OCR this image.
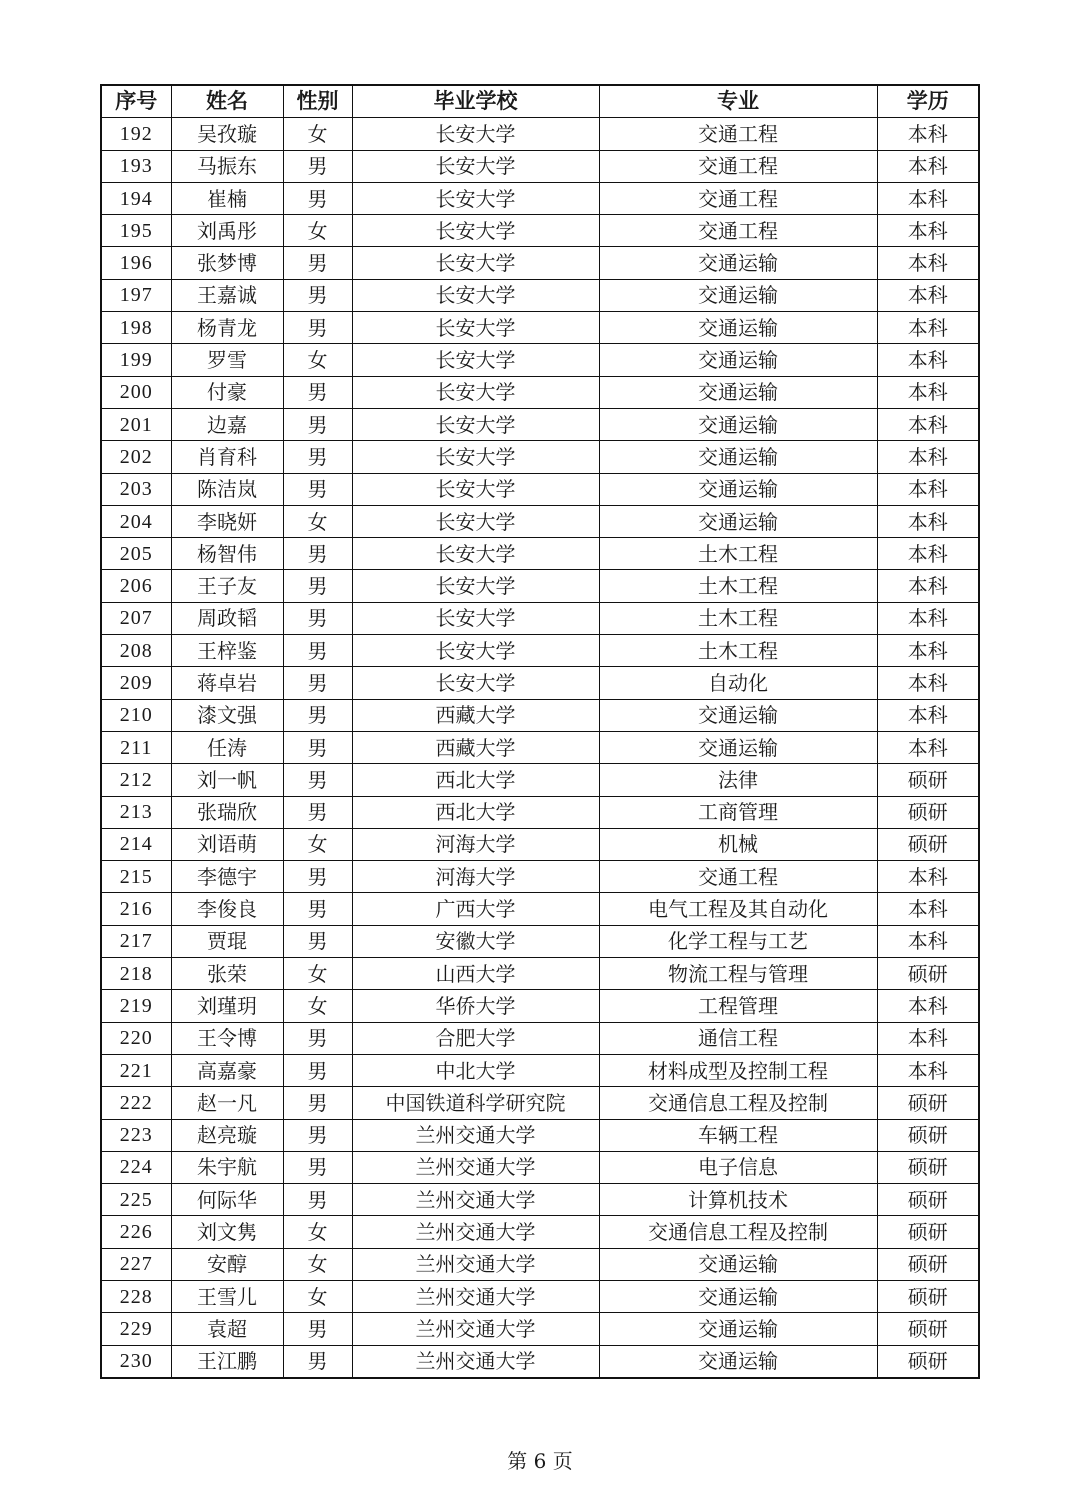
序号	姓名	性别	毕业学校	专业	学历
192	吴孜璇	女	长安大学	交通工程	本科
193	马振东	男	长安大学	交通工程	本科
194	崔楠	男	长安大学	交通工程	本科
195	刘禹彤	女	长安大学	交通工程	本科
196	张梦博	男	长安大学	交通运输	本科
197	王嘉诚	男	长安大学	交通运输	本科
198	杨青龙	男	长安大学	交通运输	本科
199	罗雪	女	长安大学	交通运输	本科
200	付豪	男	长安大学	交通运输	本科
201	边嘉	男	长安大学	交通运输	本科
202	肖育科	男	长安大学	交通运输	本科
203	陈洁岚	男	长安大学	交通运输	本科
204	李晓妍	女	长安大学	交通运输	本科
205	杨智伟	男	长安大学	土木工程	本科
206	王子友	男	长安大学	土木工程	本科
207	周政韬	男	长安大学	土木工程	本科
208	王梓鉴	男	长安大学	土木工程	本科
209	蒋卓岩	男	长安大学	自动化	本科
210	漆文强	男	西藏大学	交通运输	本科
211	任涛	男	西藏大学	交通运输	本科
212	刘一帆	男	西北大学	法律	硕研
213	张瑞欣	男	西北大学	工商管理	硕研
214	刘语萌	女	河海大学	机械	硕研
215	李德宇	男	河海大学	交通工程	本科
216	李俊良	男	广西大学	电气工程及其自动化	本科
217	贾琨	男	安徽大学	化学工程与工艺	本科
218	张荣	女	山西大学	物流工程与管理	硕研
219	刘瑾玥	女	华侨大学	工程管理	本科
220	王令博	男	合肥大学	通信工程	本科
221	高嘉豪	男	中北大学	材料成型及控制工程	本科
222	赵一凡	男	中国铁道科学研究院	交通信息工程及控制	硕研
223	赵亮璇	男	兰州交通大学	车辆工程	硕研
224	朱宇航	男	兰州交通大学	电子信息	硕研
225	何际华	男	兰州交通大学	计算机技术	硕研
226	刘文隽	女	兰州交通大学	交通信息工程及控制	硕研
227	安醇	女	兰州交通大学	交通运输	硕研
228	王雪儿	女	兰州交通大学	交通运输	硕研
229	袁超	男	兰州交通大学	交通运输	硕研
230	王江鹏	男	兰州交通大学	交通运输	硕研
第 6 页
